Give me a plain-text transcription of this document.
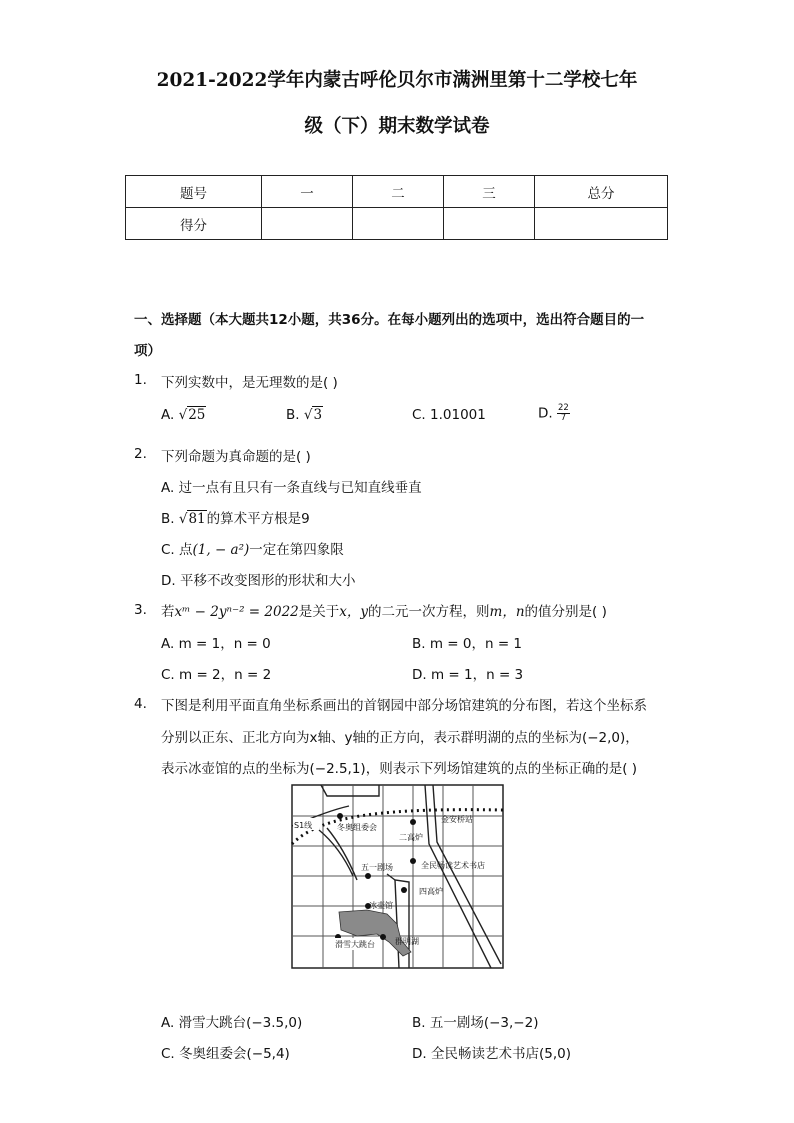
2021-2022学年内蒙古呼伦贝尔市满洲里第十二学校七年
级（下）期末数学试卷
题号	一	二	三	总分
得分				
一、选择题（本大题共12小题，共36分。在每小题列出的选项中，选出符合题目的一
项）
1. 下列实数中，是无理数的是( )
A. √25	B. √3	C. 1.01001	D. $\frac{22}{7}$
2. 下列命题为真命题的是( )
A. 过一点有且只有一条直线与已知直线垂直
B. √81的算术平方根是9
C. 点(1, − a²)一定在第四象限
D. 平移不改变图形的形状和大小
3. 若xᵐ − 2yⁿ⁻² = 2022是关于x，y的二元一次方程，则m，n的值分别是( )
A. m = 1，n = 0	B. m = 0，n = 1
C. m = 2，n = 2	D. m = 1，n = 3
4. 下图是利用平面直角坐标系画出的首钢园中部分场馆建筑的分布图，若这个坐标系
分别以正东、正北方向为x轴、y轴的正方向，表示群明湖的点的坐标为(−2,0)，
表示冰壶馆的点的坐标为(−2.5,1)，则表示下列场馆建筑的点的坐标正确的是( )
S1线	冬奥组委会
金安桥站
二高炉
五一剧场	全民畅读艺术书店
四高炉
冰壶馆
滑雪大跳台	群明湖
A. 滑雪大跳台(−3.5,0)	B. 五一剧场(−3,−2)
C. 冬奥组委会(−5,4)	D. 全民畅读艺术书店(5,0)
